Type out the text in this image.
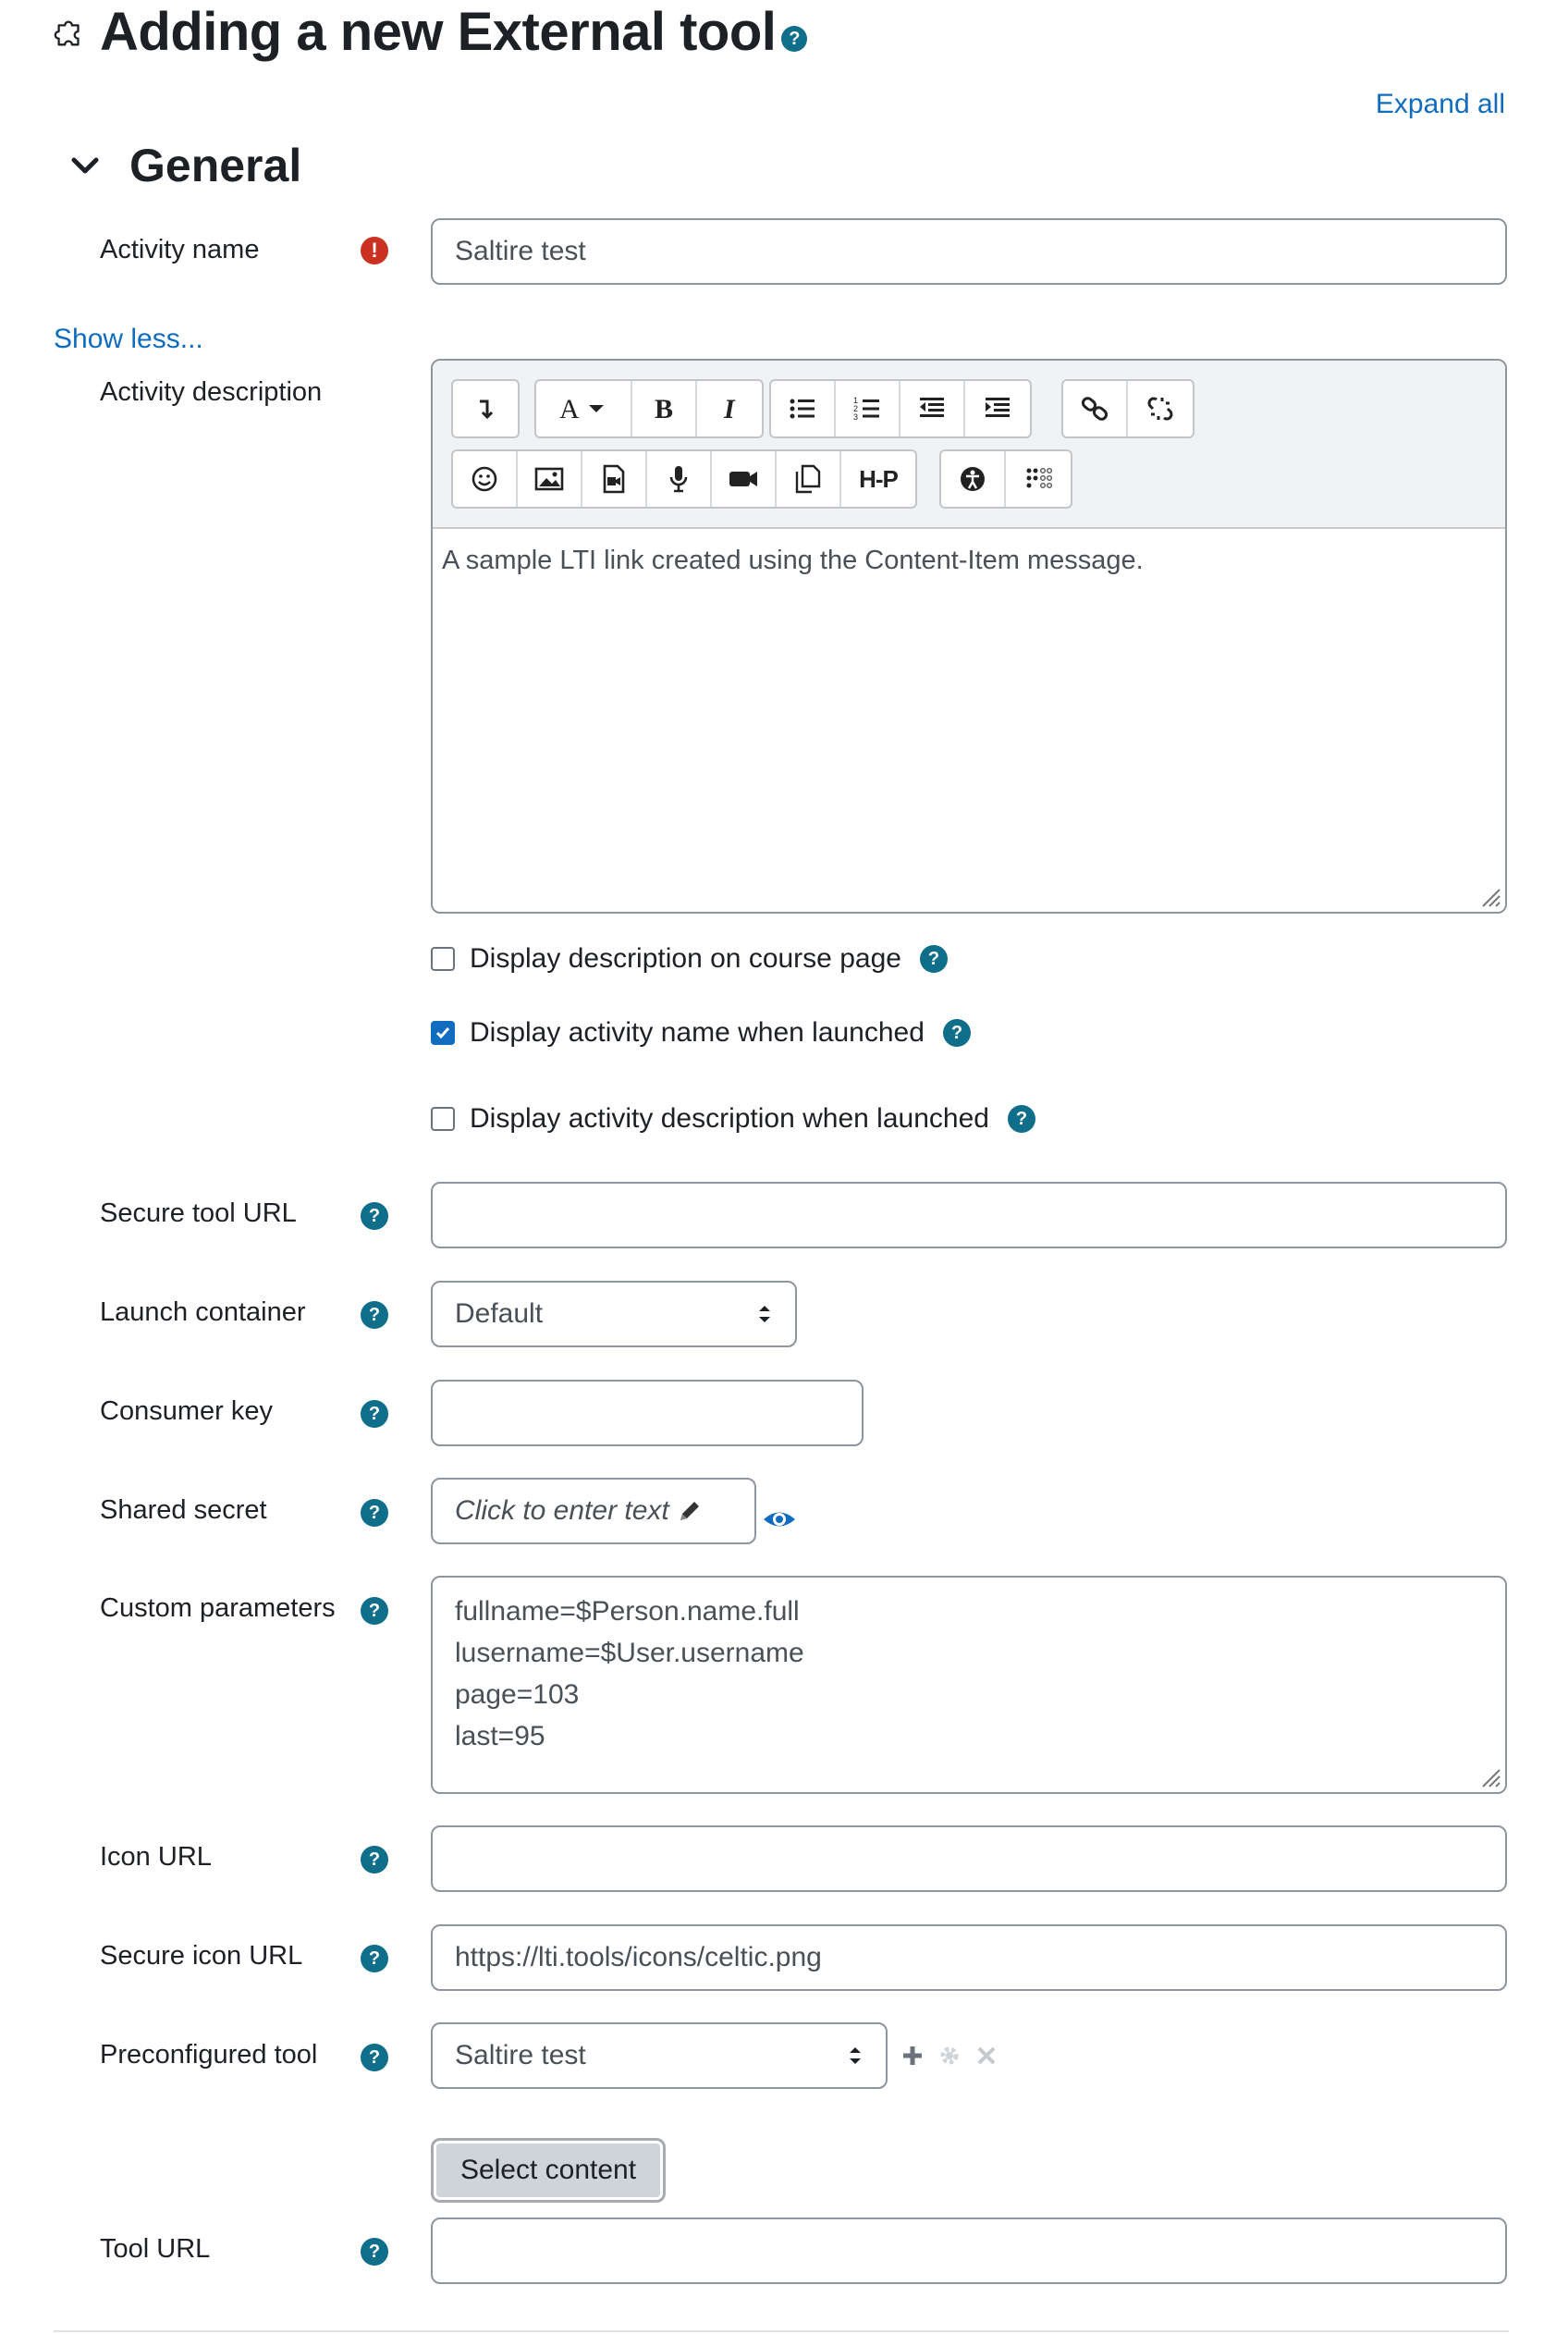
Adding a new External tool ?
Expand all
General
Activity name	!	Saltire test
Show less...
Activity description
A	B I	1
2
3
H-P
A sample LTI link created using the Content-Item message.
Display description on course page	?
Display activity name when launched	?
Display activity description when launched	?
Secure tool URL	?
Launch container	?	Default
Consumer key	?
Shared secret	?	Click to enter text
Custom parameters	?	fullname=$Person.name.full
lusername=$User.username
page=103
last=95
Icon URL	?
Secure icon URL	?	https://lti.tools/icons/celtic.png
Preconfigured tool	?	Saltire test
Select content
Tool URL	?
